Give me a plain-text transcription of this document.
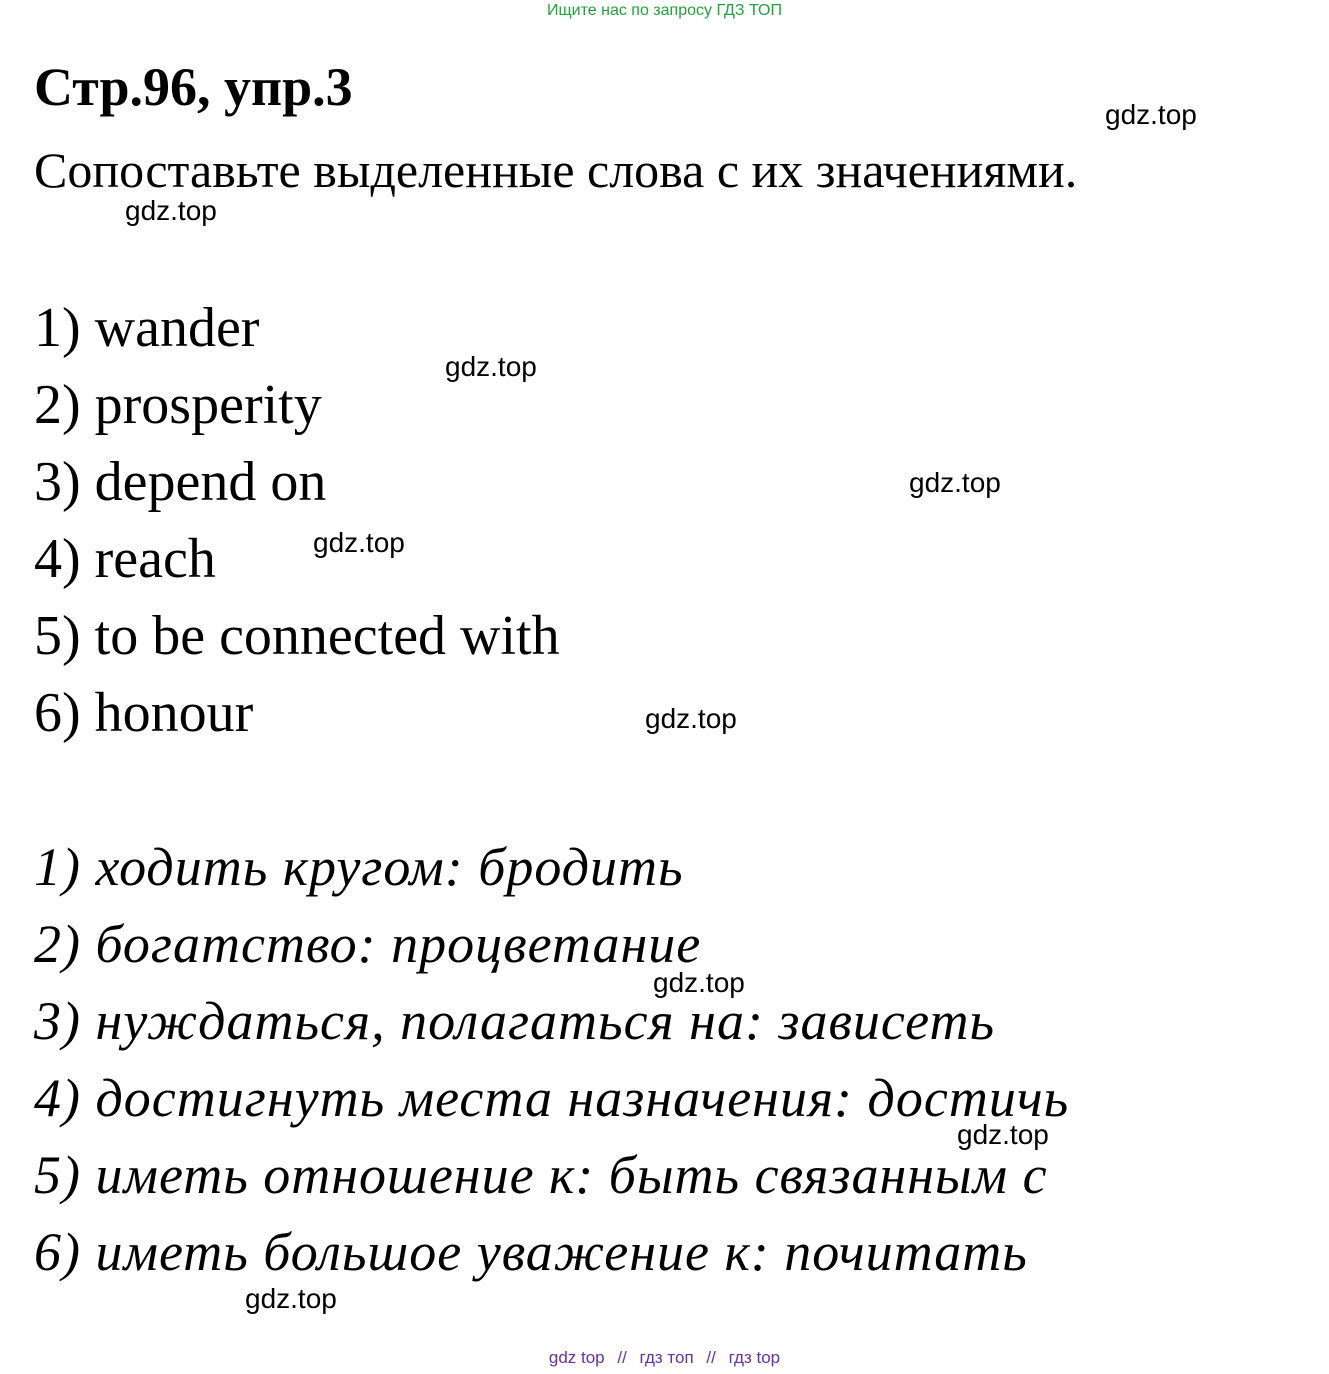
Ищите нас по запросу ГДЗ ТОП
Стр.96, упр.3
Сопоставьте выделенные слова с их значениями.
1) wander
2) prosperity
3) depend on
4) reach
5) to be connected with
6) honour
1) ходить кругом: бродить
2) богатство: процветание
3) нуждаться, полагаться на: зависеть
4) достигнуть места назначения: достичь
5) иметь отношение к: быть связанным с
6) иметь большое уважение к: почитать
gdz.top
gdz.top
gdz.top
gdz.top
gdz.top
gdz.top
gdz.top
gdz.top
gdz.top
gdz top // гдз топ // гдз top
